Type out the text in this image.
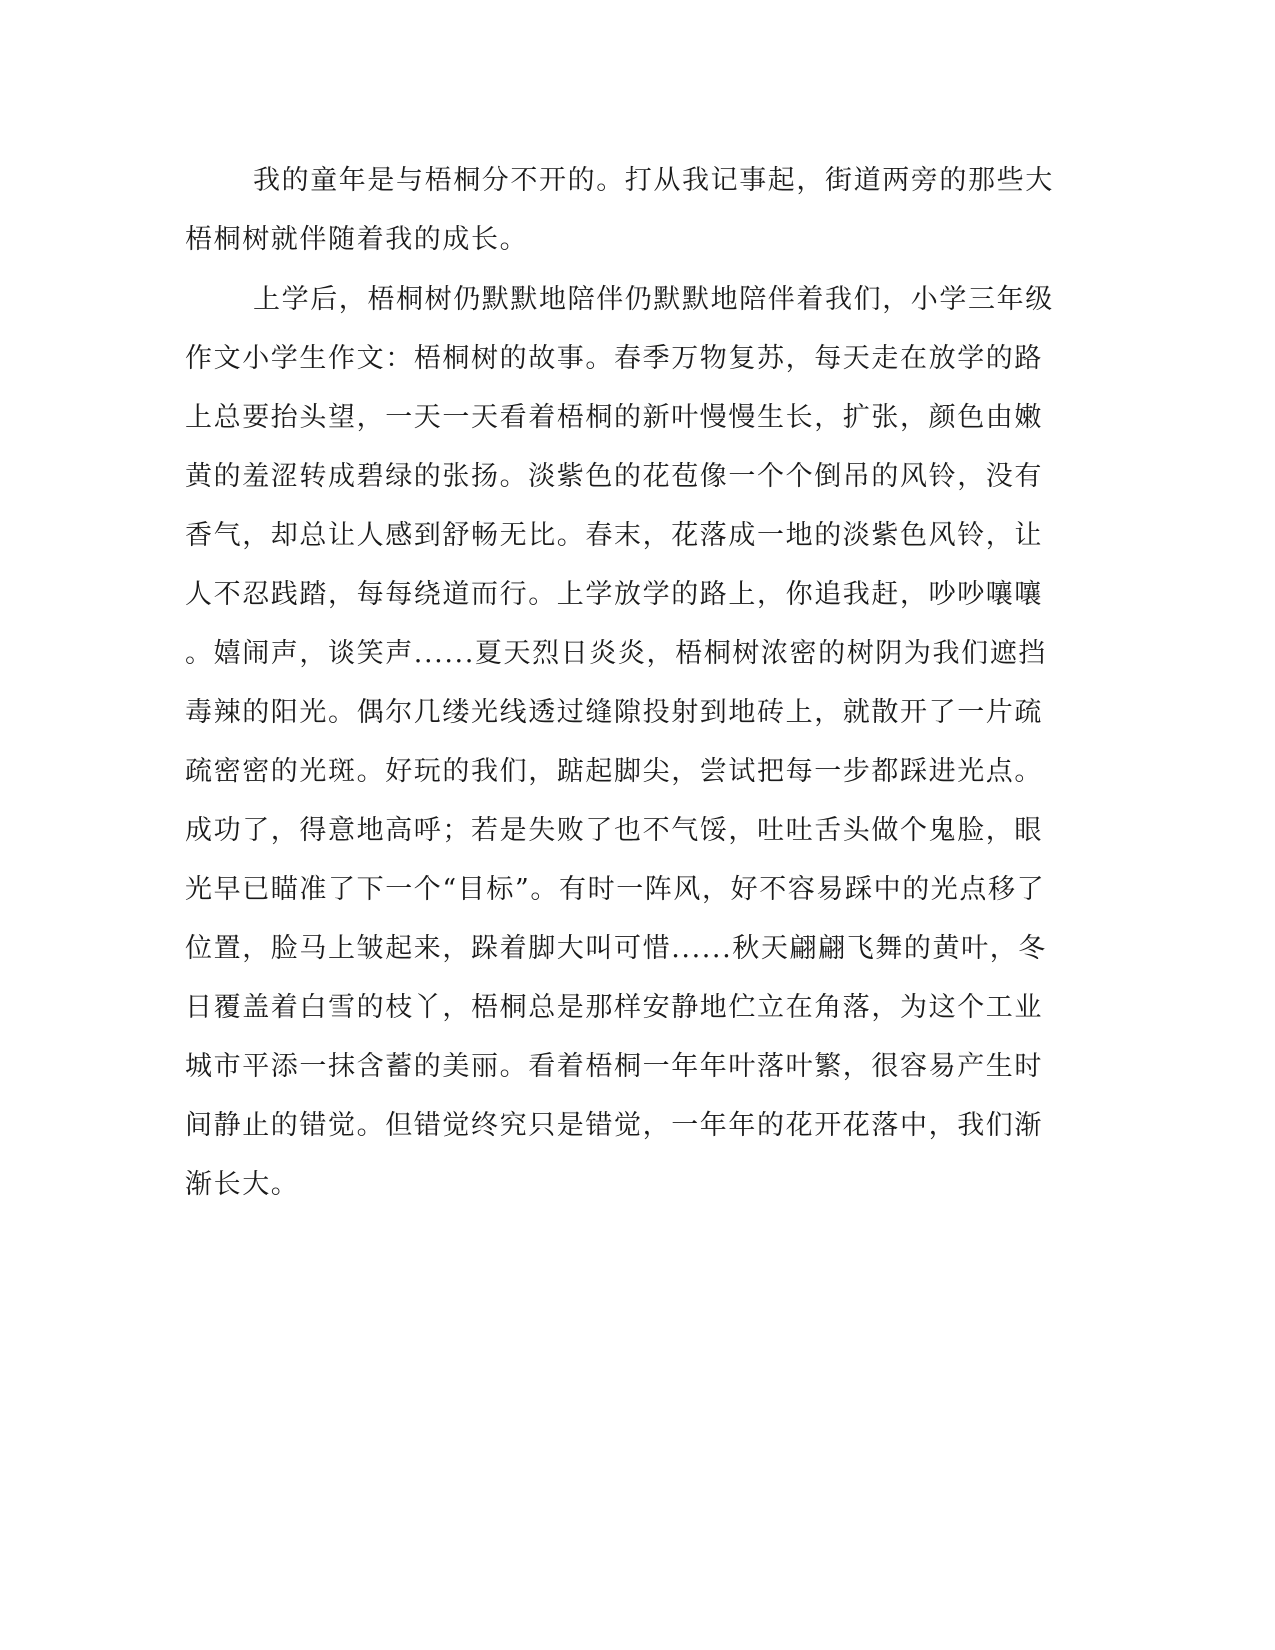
我的童年是与梧桐分不开的。打从我记事起，街道两旁的那些大
梧桐树就伴随着我的成长。
上学后，梧桐树仍默默地陪伴仍默默地陪伴着我们，小学三年级
作文小学生作文：梧桐树的故事。春季万物复苏，每天走在放学的路
上总要抬头望，一天一天看着梧桐的新叶慢慢生长，扩张，颜色由嫩
黄的羞涩转成碧绿的张扬。淡紫色的花苞像一个个倒吊的风铃，没有
香气，却总让人感到舒畅无比。春末，花落成一地的淡紫色风铃，让
人不忍践踏，每每绕道而行。上学放学的路上，你追我赶，吵吵嚷嚷
。嬉闹声，谈笑声......夏天烈日炎炎，梧桐树浓密的树阴为我们遮挡
毒辣的阳光。偶尔几缕光线透过缝隙投射到地砖上，就散开了一片疏
疏密密的光斑。好玩的我们，踮起脚尖，尝试把每一步都踩进光点。
成功了，得意地高呼；若是失败了也不气馁，吐吐舌头做个鬼脸，眼
光早已瞄准了下一个“目标”。有时一阵风，好不容易踩中的光点移了
位置，脸马上皱起来，跺着脚大叫可惜......秋天翩翩飞舞的黄叶，冬
日覆盖着白雪的枝丫，梧桐总是那样安静地伫立在角落，为这个工业
城市平添一抹含蓄的美丽。看着梧桐一年年叶落叶繁，很容易产生时
间静止的错觉。但错觉终究只是错觉，一年年的花开花落中，我们渐
渐长大。
